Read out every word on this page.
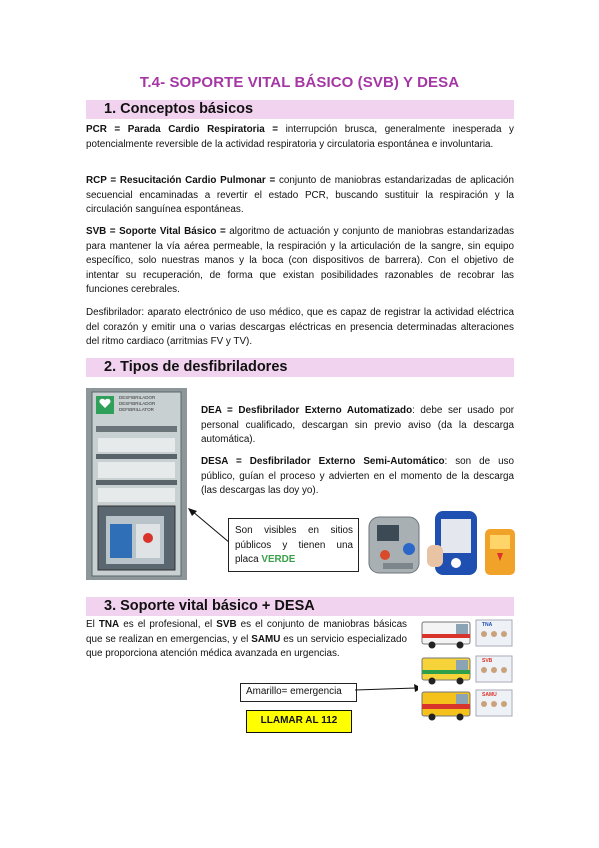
T.4- SOPORTE VITAL BÁSICO (SVB) Y DESA
1. Conceptos básicos
PCR = Parada Cardio Respiratoria = interrupción brusca, generalmente inesperada y potencialmente reversible de la actividad respiratoria y circulatoria espontánea e involuntaria.
RCP = Resucitación Cardio Pulmonar = conjunto de maniobras estandarizadas de aplicación secuencial encaminadas a revertir el estado PCR, buscando sustituir la respiración y la circulación sanguínea espontáneas.
SVB = Soporte Vital Básico = algoritmo de actuación y conjunto de maniobras estandarizadas para mantener la vía aérea permeable, la respiración y la articulación de la sangre, sin equipo específico, solo nuestras manos y la boca (con dispositivos de barrera). Con el objetivo de intentar su recuperación, de forma que existan posibilidades razonables de recobrar las funciones cerebrales.
Desfibrilador: aparato electrónico de uso médico, que es capaz de registrar la actividad eléctrica del corazón y emitir una o varias descargas eléctricas en presencia determinadas alteraciones del ritmo cardiaco (arritmias FV y TV).
2. Tipos de desfibriladores
DESFIBRILADOR
DESFIBRILADOR
DEFIBRILLATOR	DEA = Desfibrilador Externo Automatizado: debe ser usado por personal cualificado, descargan sin previo aviso (da la descarga automática).
DESA = Desfibrilador Externo Semi-Automático: son de uso público, guían el proceso y advierten en el momento de la descarga (las descargas las doy yo).
Son visibles en sitios públicos y tienen una placa VERDE
3. Soporte vital básico + DESA
El TNA es el profesional, el SVB es el conjunto de maniobras básicas que se realizan en emergencias, y el SAMU es un servicio especializado que proporciona atención médica avanzada en urgencias.
Amarillo= emergencia
LLAMAR AL 112
TNA
SVB
SAMU
